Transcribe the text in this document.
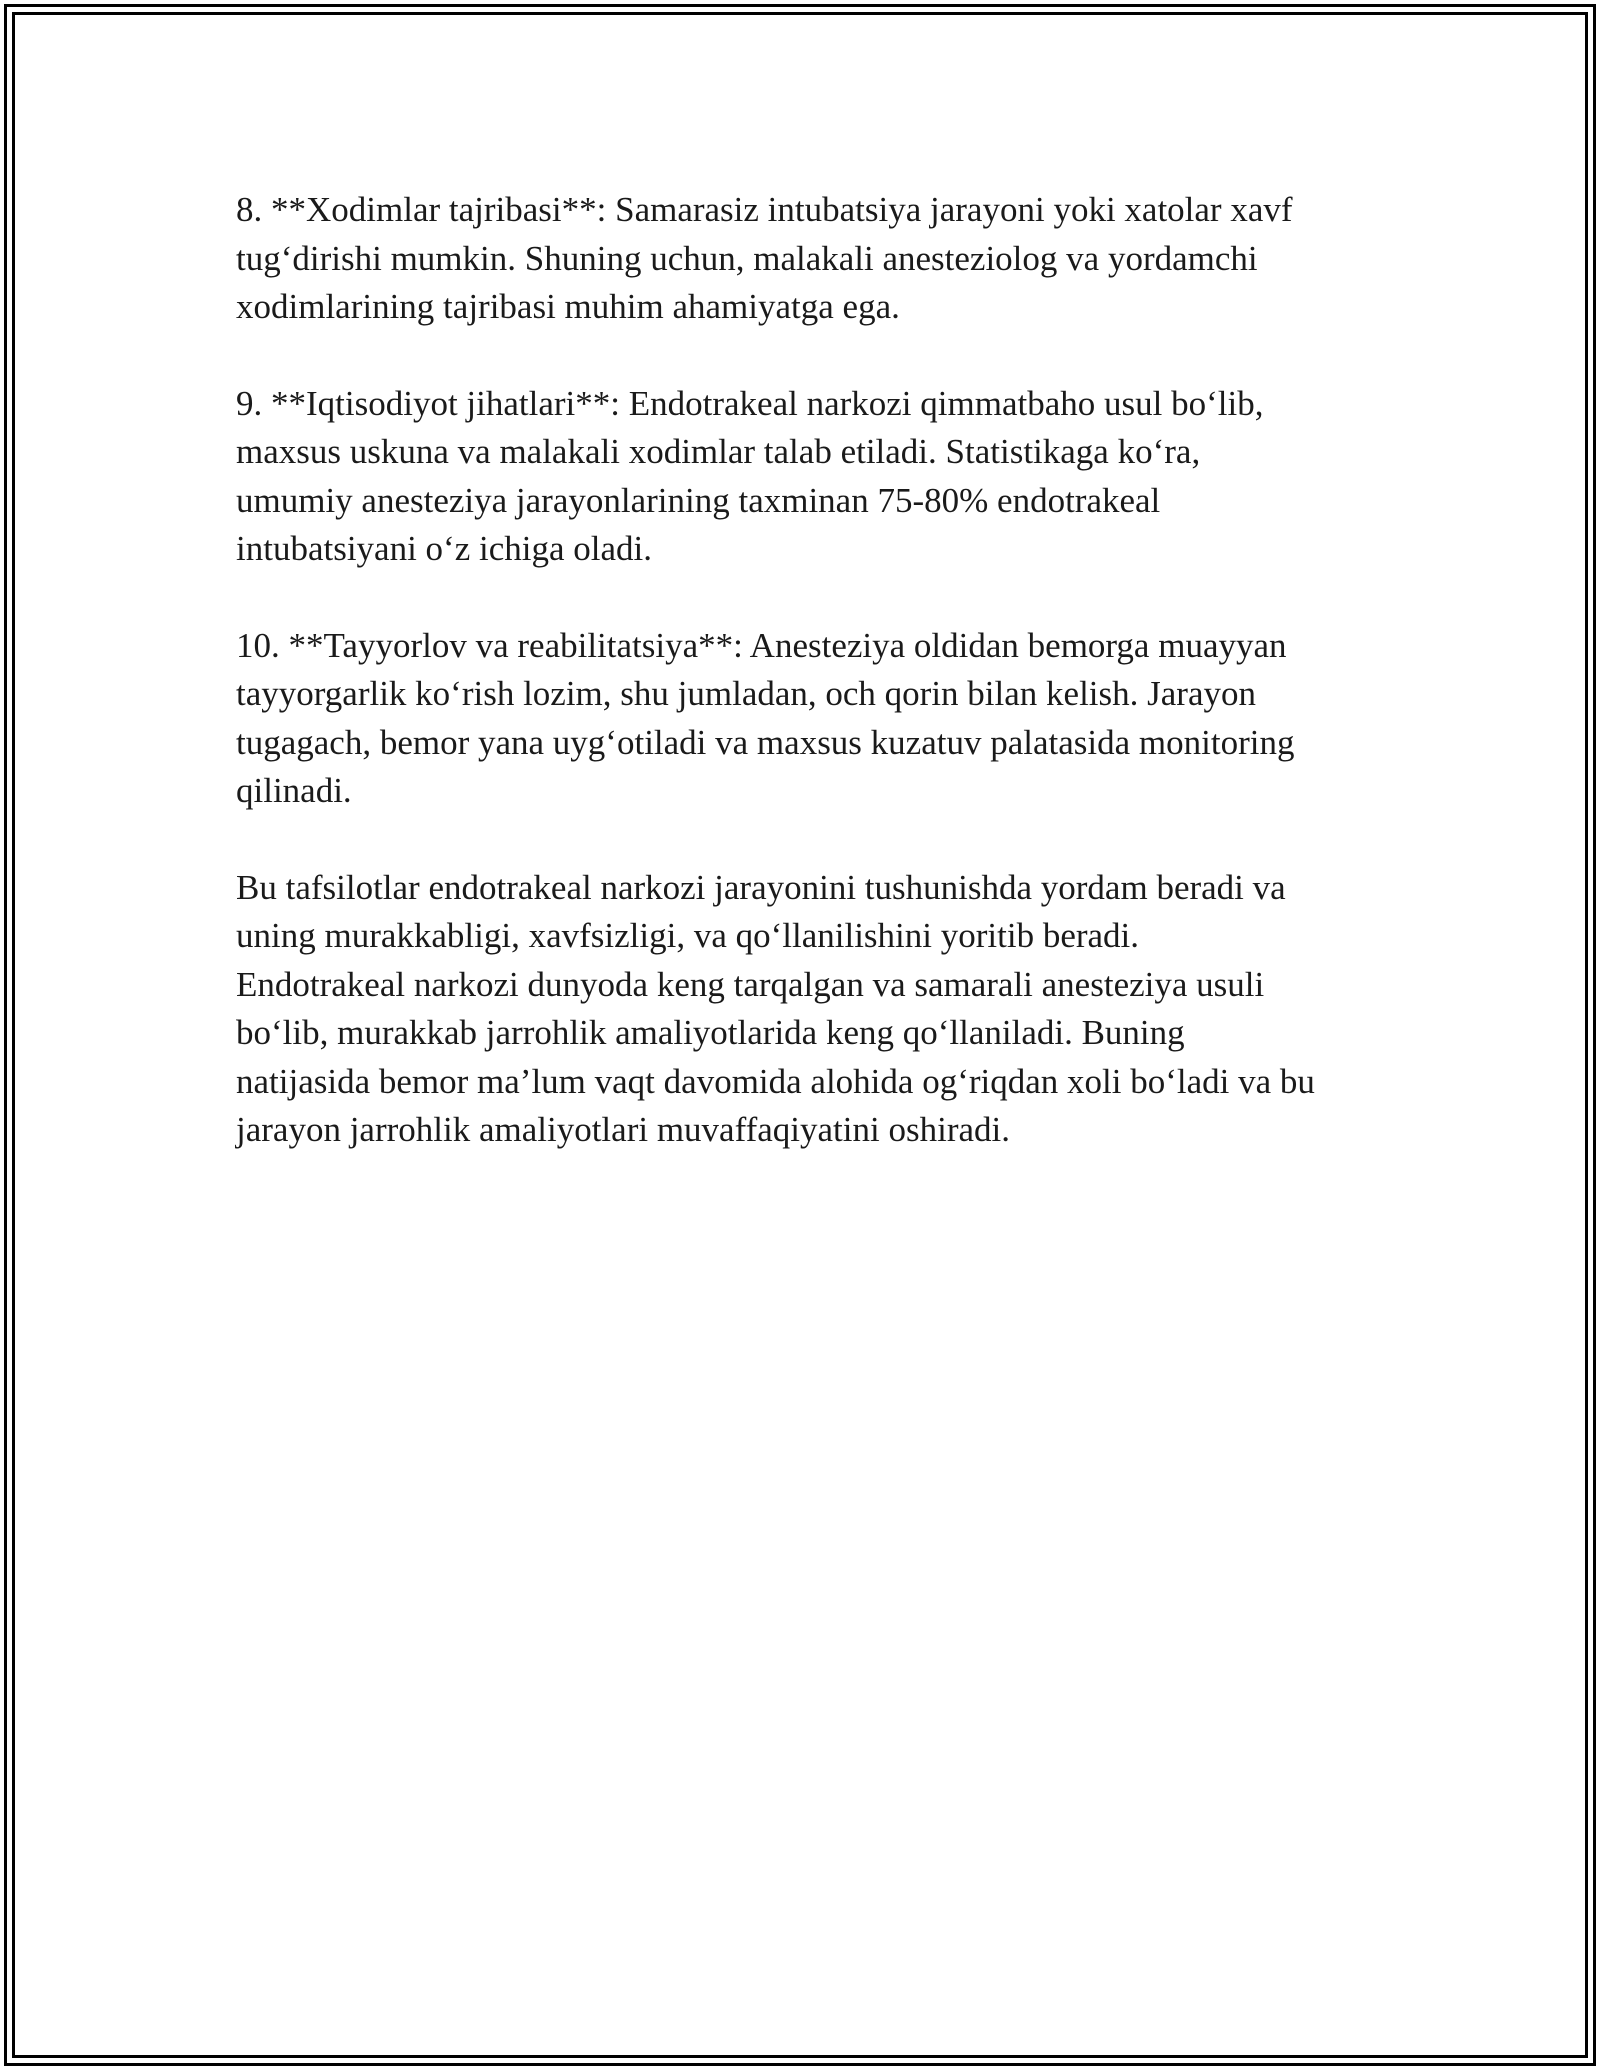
8. **Xodimlar tajribasi**: Samarasiz intubatsiya jarayoni yoki xatolar xavf
tug‘dirishi mumkin. Shuning uchun, malakali anesteziolog va yordamchi
xodimlarining tajribasi muhim ahamiyatga ega.

9. **Iqtisodiyot jihatlari**: Endotrakeal narkozi qimmatbaho usul bo‘lib,
maxsus uskuna va malakali xodimlar talab etiladi. Statistikaga ko‘ra,
umumiy anesteziya jarayonlarining taxminan 75-80% endotrakeal
intubatsiyani o‘z ichiga oladi.

10. **Tayyorlov va reabilitatsiya**: Anesteziya oldidan bemorga muayyan
tayyorgarlik ko‘rish lozim, shu jumladan, och qorin bilan kelish. Jarayon
tugagach, bemor yana uyg‘otiladi va maxsus kuzatuv palatasida monitoring
qilinadi.

Bu tafsilotlar endotrakeal narkozi jarayonini tushunishda yordam beradi va
uning murakkabligi, xavfsizligi, va qo‘llanilishini yoritib beradi.
Endotrakeal narkozi dunyoda keng tarqalgan va samarali anesteziya usuli
bo‘lib, murakkab jarrohlik amaliyotlarida keng qo‘llaniladi. Buning
natijasida bemor ma’lum vaqt davomida alohida og‘riqdan xoli bo‘ladi va bu
jarayon jarrohlik amaliyotlari muvaffaqiyatini oshiradi.
